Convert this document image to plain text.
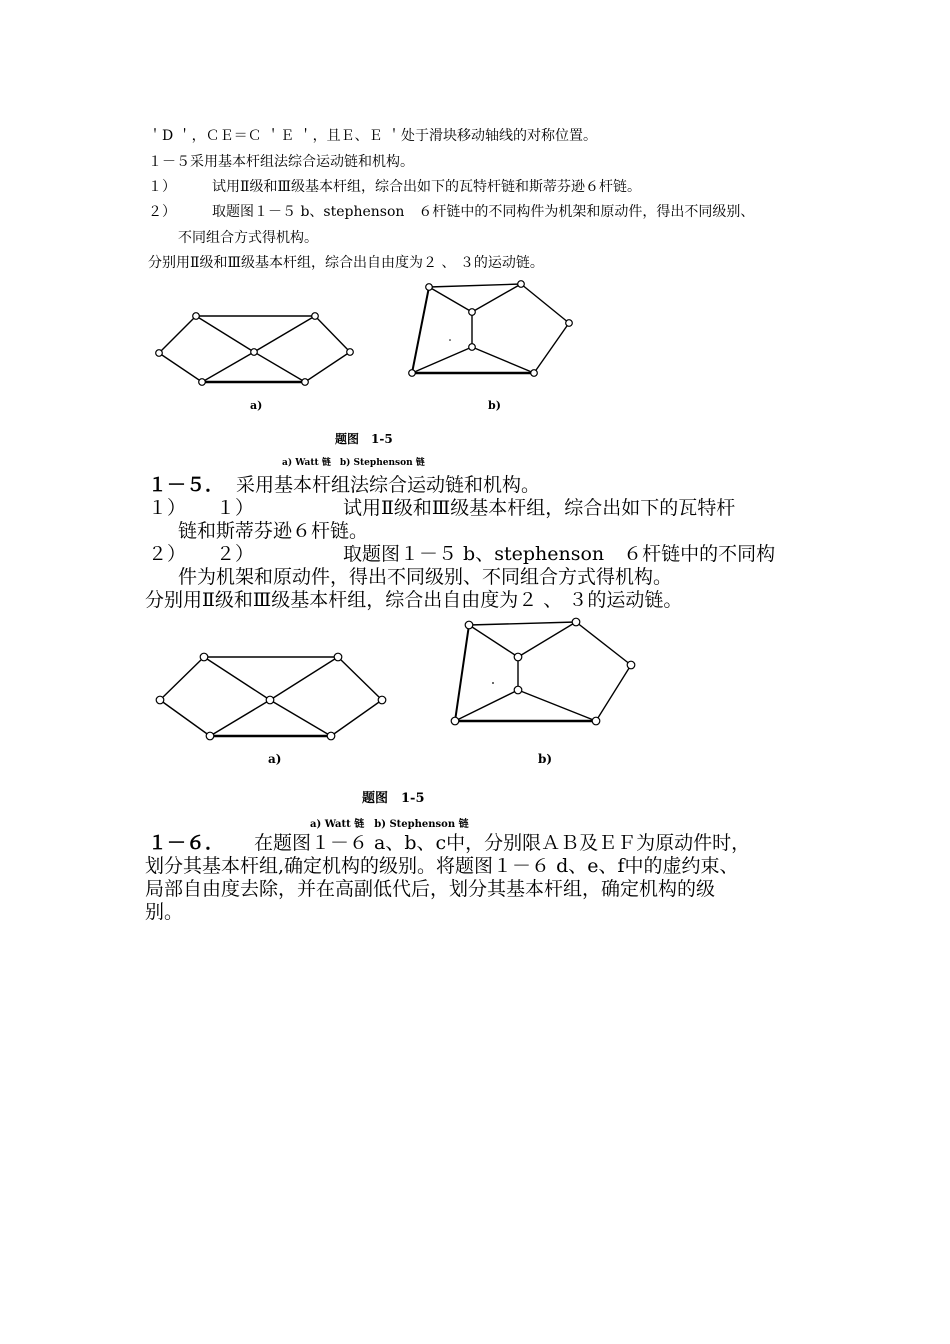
＇D ＇，ＣＥ＝Ｃ ＇Ｅ ＇，且Ｅ、Ｅ ＇处于滑块移动轴线的对称位置。
１－５采用基本杆组法综合运动链和机构。
１）	试用Ⅱ级和Ⅲ级基本杆组，综合出如下的瓦特杆链和斯蒂芬逊６杆链。
２）	取题图１－５ b、stephenson　６杆链中的不同构件为机架和原动件，得出不同级别、
不同组合方式得机构。
分别用Ⅱ级和Ⅲ级基本杆组，综合出自由度为２ 、 ３的运动链。
a)	b)
题图　1-5
a) Watt 链　b) Stephenson 链
１－５． 采用基本杆组法综合运动链和机构。
１） １）	试用Ⅱ级和Ⅲ级基本杆组，综合出如下的瓦特杆
链和斯蒂芬逊６杆链。
２） ２）	取题图１－５ b、stephenson　６杆链中的不同构
件为机架和原动件，得出不同级别、不同组合方式得机构。
分别用Ⅱ级和Ⅲ级基本杆组，综合出自由度为２ 、 ３的运动链。
a)	b)
题图　1-5
a) Watt 链　b) Stephenson 链
１－６． 在题图１－６ a、b、c中，分别限ＡＢ及ＥＦ为原动件时，
划分其基本杆组,确定机构的级别。将题图１－６ d、e、f中的虚约束、
局部自由度去除，并在高副低代后，划分其基本杆组，确定机构的级
别。
